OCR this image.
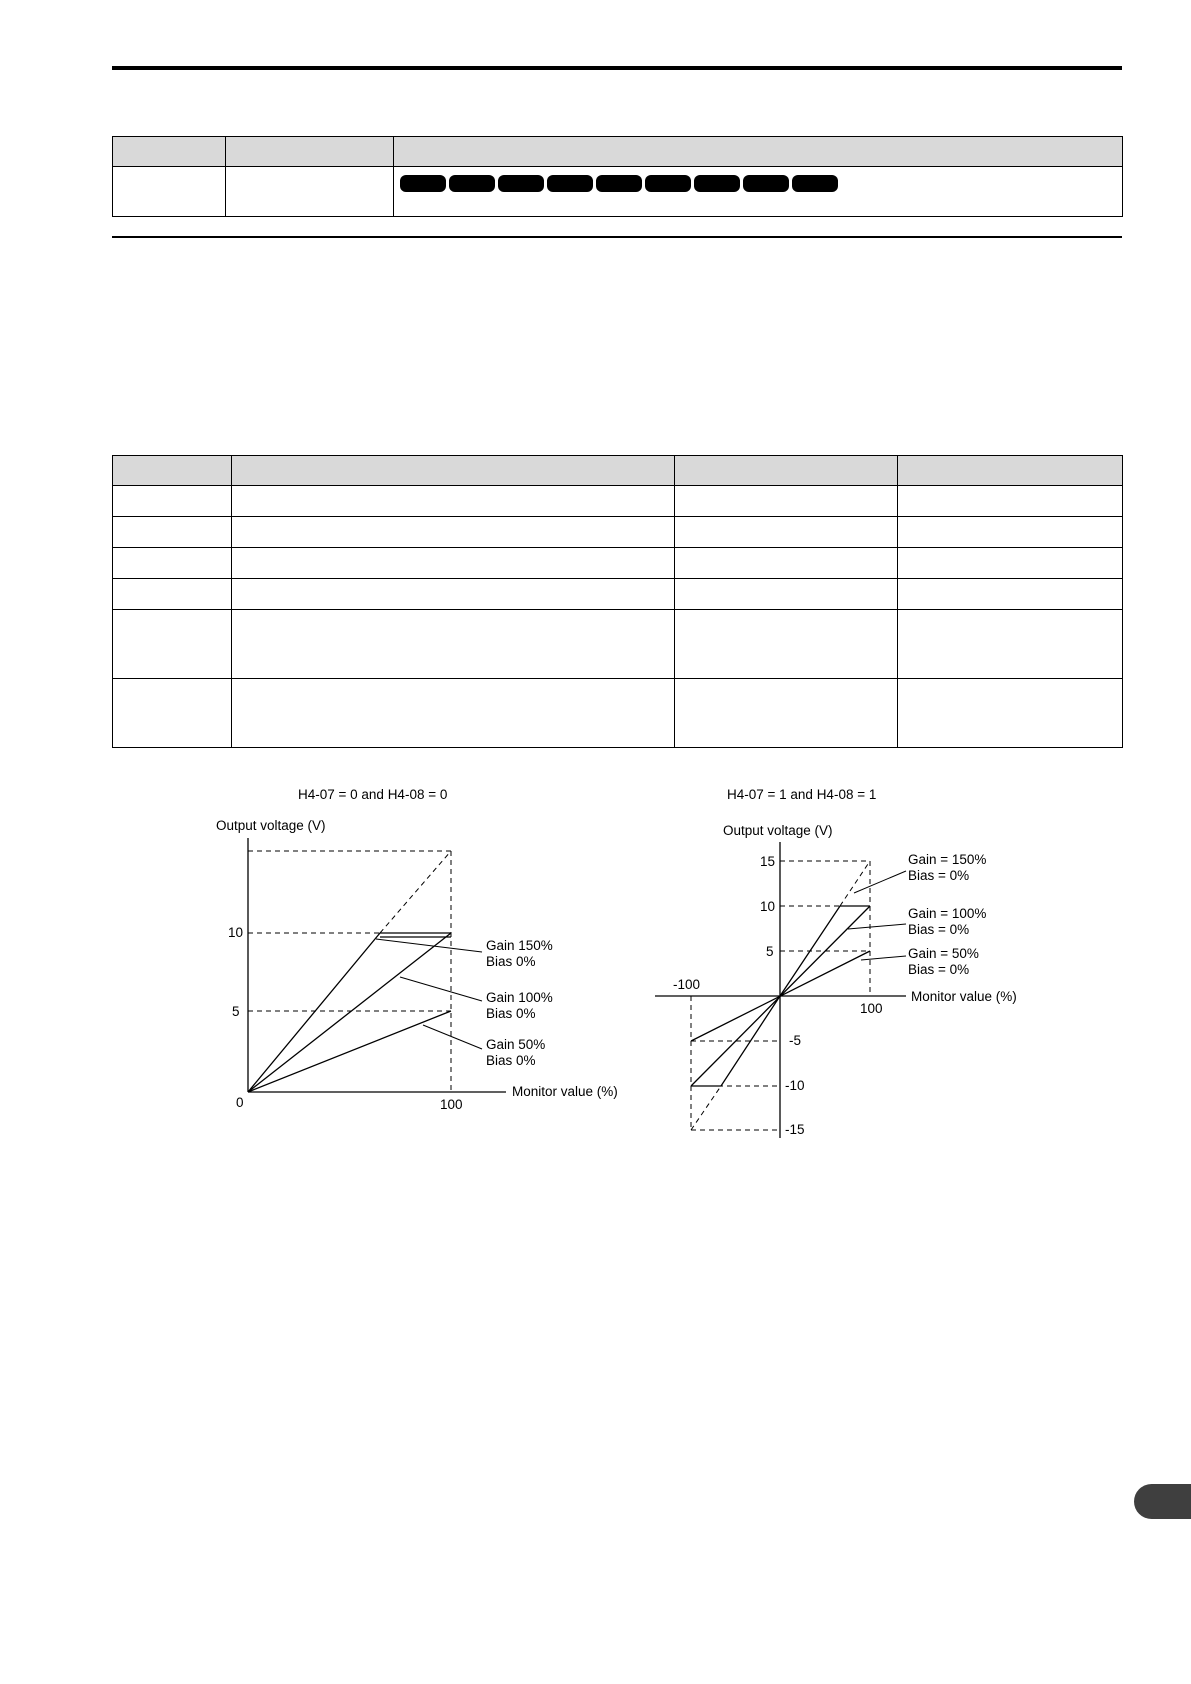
H4-07 = 0 and H4-08 = 0
Output voltage (V)
10
5
0	100
Monitor value (%)
Gain 150%
Bias 0%
Gain 100%
Bias 0%
Gain 50%
Bias 0%
H4-07 = 1 and H4-08 = 1
Output voltage (V)
15
10
5
-5
-10
-15
-100
100
Monitor value (%)
Gain = 150%
Bias = 0%
Gain = 100%
Bias = 0%
Gain = 50%
Bias = 0%
